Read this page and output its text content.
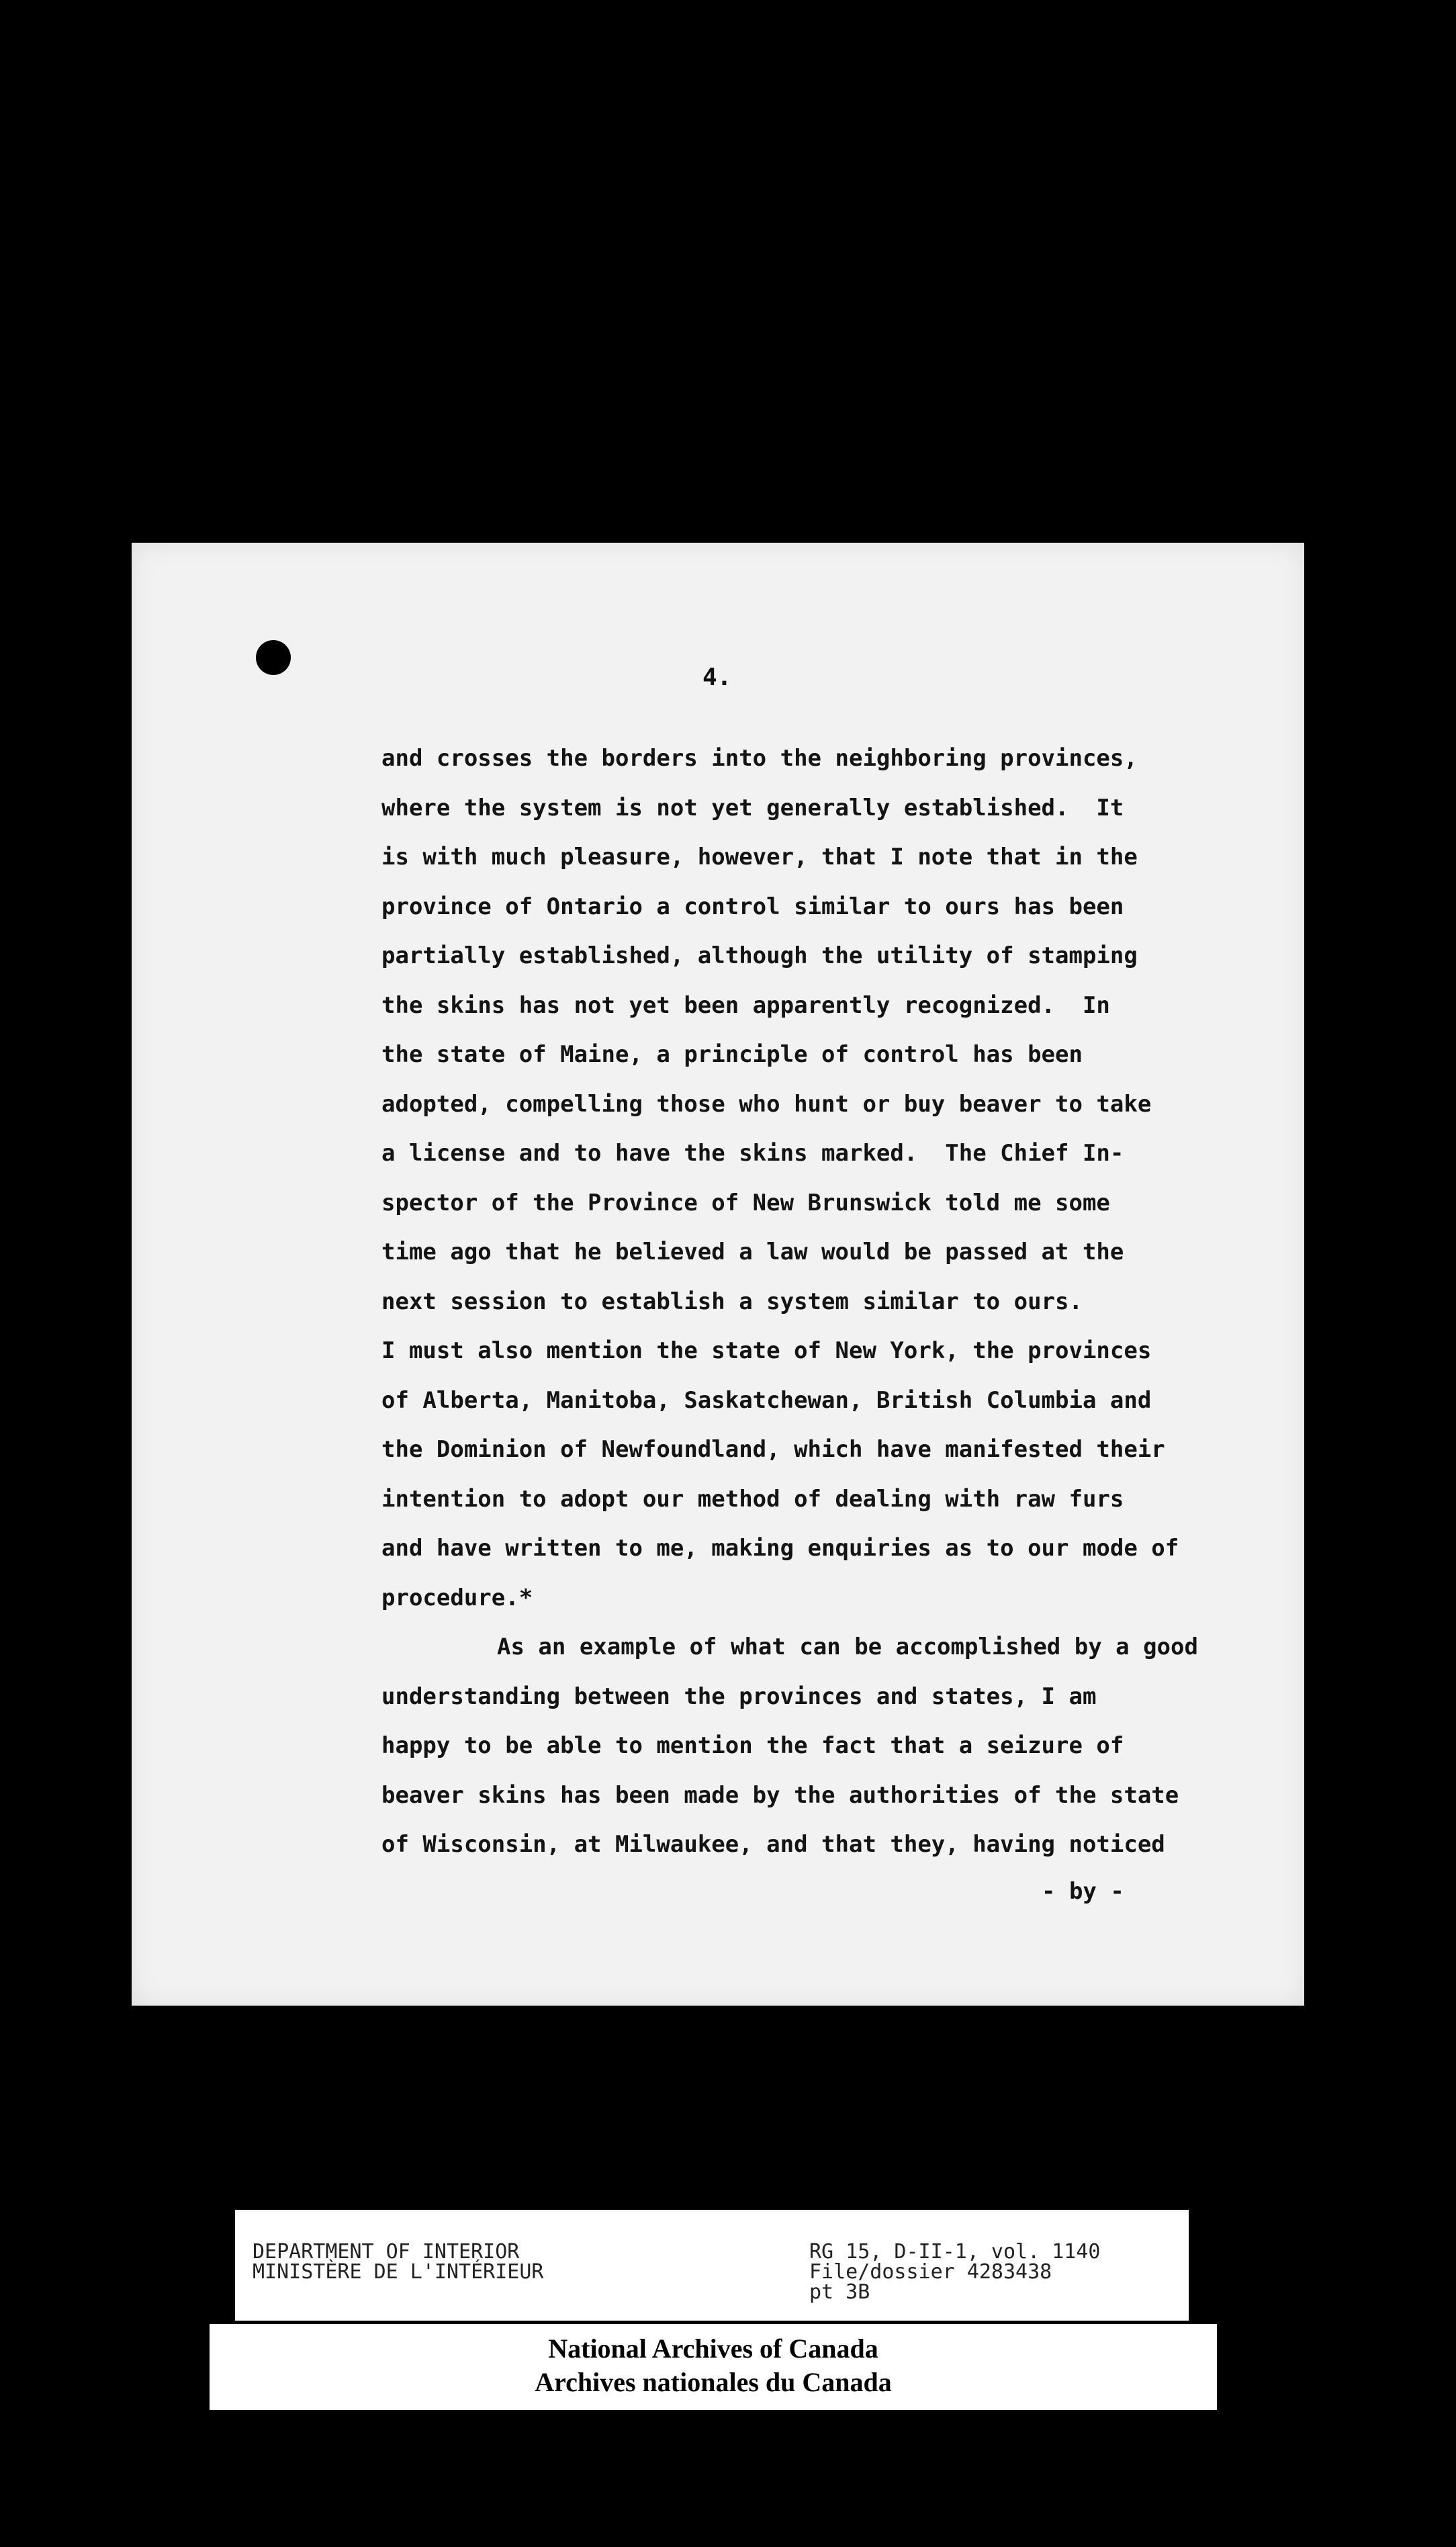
4.
and crosses the borders into the neighboring provinces,
where the system is not yet generally established.  It
is with much pleasure, however, that I note that in the
province of Ontario a control similar to ours has been
partially established, although the utility of stamping
the skins has not yet been apparently recognized.  In
the state of Maine, a principle of control has been
adopted, compelling those who hunt or buy beaver to take
a license and to have the skins marked.  The Chief In-
spector of the Province of New Brunswick told me some
time ago that he believed a law would be passed at the
next session to establish a system similar to ours.
I must also mention the state of New York, the provinces
of Alberta, Manitoba, Saskatchewan, British Columbia and
the Dominion of Newfoundland, which have manifested their
intention to adopt our method of dealing with raw furs
and have written to me, making enquiries as to our mode of
procedure.*
As an example of what can be accomplished by a good
understanding between the provinces and states, I am
happy to be able to mention the fact that a seizure of
beaver skins has been made by the authorities of the state
of Wisconsin, at Milwaukee, and that they, having noticed
- by -
DEPARTMENT OF INTERIOR
MINISTÈRE DE L'INTÉRIEUR
RG 15, D-II-1, vol. 1140
File/dossier 4283438
pt 3B
National Archives of Canada
Archives nationales du Canada
